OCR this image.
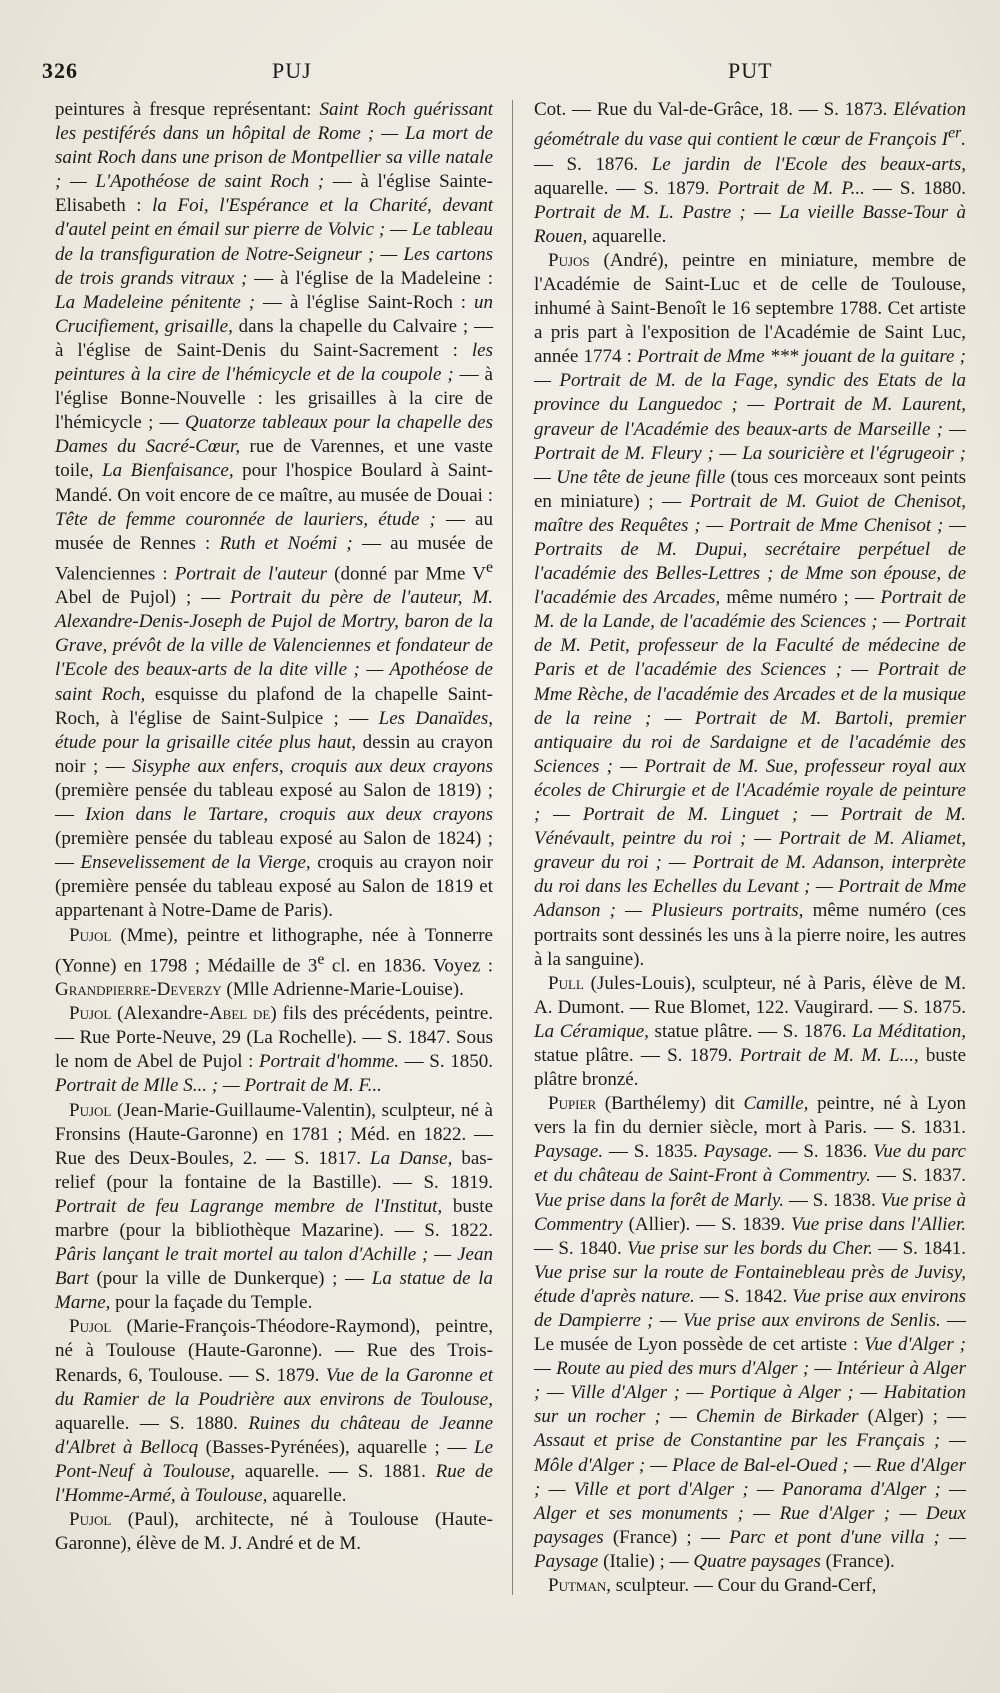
326	PUJ	PUT

peintures à fresque représentant: Saint Roch guérissant les pestiférés dans un hôpital de Rome ; — La mort de saint Roch dans une prison de Montpellier sa ville natale ; — L'Apothéose de saint Roch ; — à l'église Sainte-Elisabeth : la Foi, l'Espérance et la Charité, devant d'autel peint en émail sur pierre de Volvic ; — Le tableau de la transfiguration de Notre-Seigneur ; — Les cartons de trois grands vitraux ; — à l'église de la Madeleine : La Madeleine pénitente ; — à l'église Saint-Roch : un Crucifiement, grisaille, dans la chapelle du Calvaire ; — à l'église de Saint-Denis du Saint-Sacrement : les peintures à la cire de l'hémicycle et de la coupole ; — à l'église Bonne-Nouvelle : les grisailles à la cire de l'hémicycle ; — Quatorze tableaux pour la chapelle des Dames du Sacré-Cœur, rue de Varennes, et une vaste toile, La Bienfaisance, pour l'hospice Boulard à Saint-Mandé. On voit encore de ce maître, au musée de Douai : Tête de femme couronnée de lauriers, étude ; — au musée de Rennes : Ruth et Noémi ; — au musée de Valenciennes : Portrait de l'auteur (donné par Mme Ve Abel de Pujol) ; — Portrait du père de l'auteur, M. Alexandre-Denis-Joseph de Pujol de Mortry, baron de la Grave, prévôt de la ville de Valenciennes et fondateur de l'Ecole des beaux-arts de la dite ville ; — Apothéose de saint Roch, esquisse du plafond de la chapelle Saint-Roch, à l'église de Saint-Sulpice ; — Les Danaïdes, étude pour la grisaille citée plus haut, dessin au crayon noir ; — Sisyphe aux enfers, croquis aux deux crayons (première pensée du tableau exposé au Salon de 1819) ; — Ixion dans le Tartare, croquis aux deux crayons (première pensée du tableau exposé au Salon de 1824) ; — Ensevelissement de la Vierge, croquis au crayon noir (première pensée du tableau exposé au Salon de 1819 et appartenant à Notre-Dame de Paris).

Pujol (Mme), peintre et lithographe, née à Tonnerre (Yonne) en 1798 ; Médaille de 3e cl. en 1836. Voyez : Grandpierre-Deverzy (Mlle Adrienne-Marie-Louise).

Pujol (Alexandre-Abel de) fils des précédents, peintre. — Rue Porte-Neuve, 29 (La Rochelle). — S. 1847. Sous le nom de Abel de Pujol : Portrait d'homme. — S. 1850. Portrait de Mlle S... ; — Portrait de M. F...

Pujol (Jean-Marie-Guillaume-Valentin), sculpteur, né à Fronsins (Haute-Garonne) en 1781 ; Méd. en 1822. — Rue des Deux-Boules, 2. — S. 1817. La Danse, bas-relief (pour la fontaine de la Bastille). — S. 1819. Portrait de feu Lagrange membre de l'Institut, buste marbre (pour la bibliothèque Mazarine). — S. 1822. Pâris lançant le trait mortel au talon d'Achille ; — Jean Bart (pour la ville de Dunkerque) ; — La statue de la Marne, pour la façade du Temple.

Pujol (Marie-François-Théodore-Raymond), peintre, né à Toulouse (Haute-Garonne). — Rue des Trois-Renards, 6, Toulouse. — S. 1879. Vue de la Garonne et du Ramier de la Poudrière aux environs de Toulouse, aquarelle. — S. 1880. Ruines du château de Jeanne d'Albret à Bellocq (Basses-Pyrénées), aquarelle ; — Le Pont-Neuf à Toulouse, aquarelle. — S. 1881. Rue de l'Homme-Armé, à Toulouse, aquarelle.

Pujol (Paul), architecte, né à Toulouse (Haute-Garonne), élève de M. J. André et de M.

Cot. — Rue du Val-de-Grâce, 18. — S. 1873. Elévation géométrale du vase qui contient le cœur de François Ier. — S. 1876. Le jardin de l'Ecole des beaux-arts, aquarelle. — S. 1879. Portrait de M. P... — S. 1880. Portrait de M. L. Pastre ; — La vieille Basse-Tour à Rouen, aquarelle.

Pujos (André), peintre en miniature, membre de l'Académie de Saint-Luc et de celle de Toulouse, inhumé à Saint-Benoît le 16 septembre 1788. Cet artiste a pris part à l'exposition de l'Académie de Saint Luc, année 1774 : Portrait de Mme *** jouant de la guitare ; — Portrait de M. de la Fage, syndic des Etats de la province du Languedoc ; — Portrait de M. Laurent, graveur de l'Académie des beaux-arts de Marseille ; — Portrait de M. Fleury ; — La souricière et l'égrugeoir ; — Une tête de jeune fille (tous ces morceaux sont peints en miniature) ; — Portrait de M. Guiot de Chenisot, maître des Requêtes ; — Portrait de Mme Chenisot ; — Portraits de M. Dupui, secrétaire perpétuel de l'académie des Belles-Lettres ; de Mme son épouse, de l'académie des Arcades, même numéro ; — Portrait de M. de la Lande, de l'académie des Sciences ; — Portrait de M. Petit, professeur de la Faculté de médecine de Paris et de l'académie des Sciences ; — Portrait de Mme Rèche, de l'académie des Arcades et de la musique de la reine ; — Portrait de M. Bartoli, premier antiquaire du roi de Sardaigne et de l'académie des Sciences ; — Portrait de M. Sue, professeur royal aux écoles de Chirurgie et de l'Académie royale de peinture ; — Portrait de M. Linguet ; — Portrait de M. Vénévault, peintre du roi ; — Portrait de M. Aliamet, graveur du roi ; — Portrait de M. Adanson, interprète du roi dans les Echelles du Levant ; — Portrait de Mme Adanson ; — Plusieurs portraits, même numéro (ces portraits sont dessinés les uns à la pierre noire, les autres à la sanguine).

Pull (Jules-Louis), sculpteur, né à Paris, élève de M. A. Dumont. — Rue Blomet, 122. Vaugirard. — S. 1875. La Céramique, statue plâtre. — S. 1876. La Méditation, statue plâtre. — S. 1879. Portrait de M. M. L..., buste plâtre bronzé.

Pupier (Barthélemy) dit Camille, peintre, né à Lyon vers la fin du dernier siècle, mort à Paris. — S. 1831. Paysage. — S. 1835. Paysage. — S. 1836. Vue du parc et du château de Saint-Front à Commentry. — S. 1837. Vue prise dans la forêt de Marly. — S. 1838. Vue prise à Commentry (Allier). — S. 1839. Vue prise dans l'Allier. — S. 1840. Vue prise sur les bords du Cher. — S. 1841. Vue prise sur la route de Fontainebleau près de Juvisy, étude d'après nature. — S. 1842. Vue prise aux environs de Dampierre ; — Vue prise aux environs de Senlis. — Le musée de Lyon possède de cet artiste : Vue d'Alger ; — Route au pied des murs d'Alger ; — Intérieur à Alger ; — Ville d'Alger ; — Portique à Alger ; — Habitation sur un rocher ; — Chemin de Birkader (Alger) ; — Assaut et prise de Constantine par les Français ; — Môle d'Alger ; — Place de Bal-el-Oued ; — Rue d'Alger ; — Ville et port d'Alger ; — Panorama d'Alger ; — Alger et ses monuments ; — Rue d'Alger ; — Deux paysages (France) ; — Parc et pont d'une villa ; — Paysage (Italie) ; — Quatre paysages (France).

Putman, sculpteur. — Cour du Grand-Cerf,
